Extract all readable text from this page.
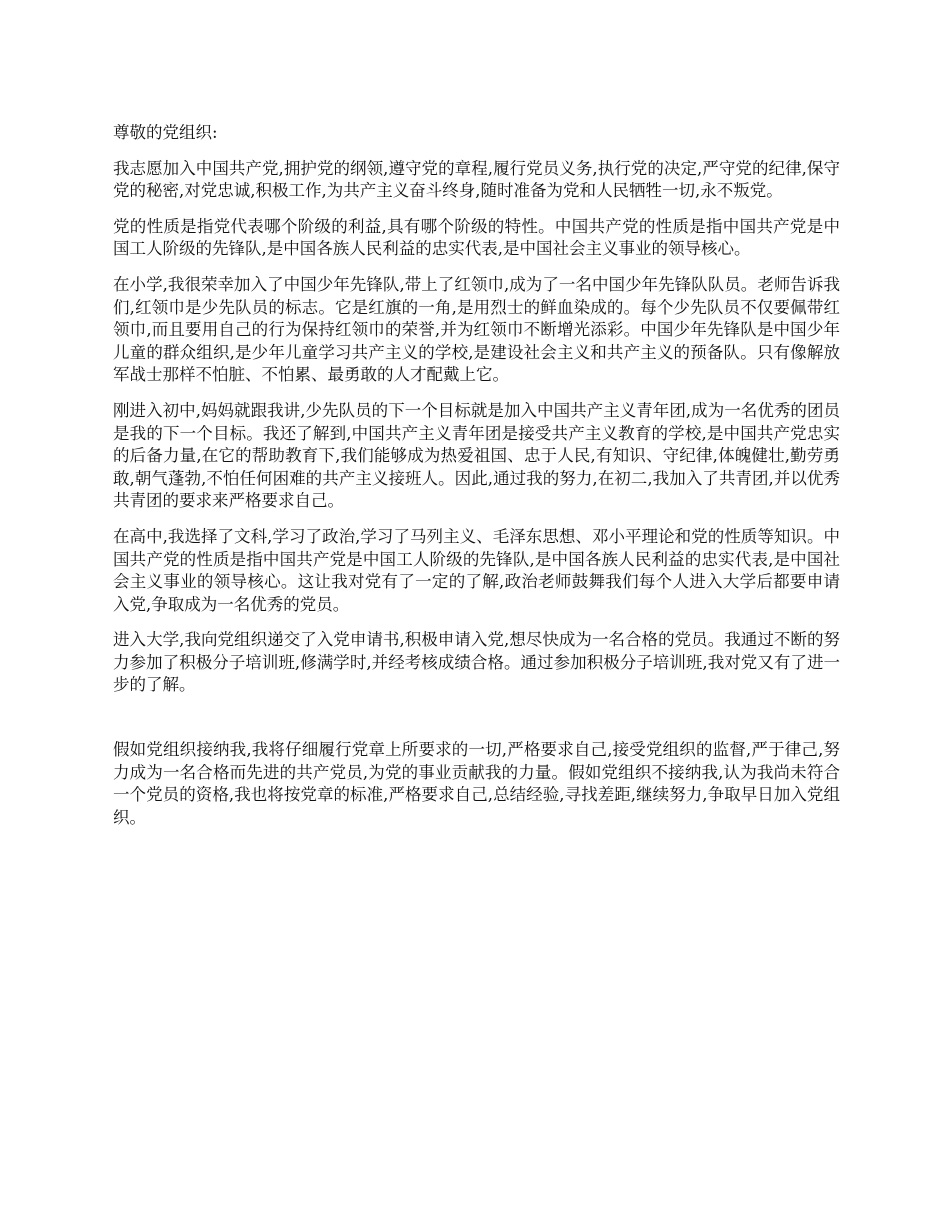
尊敬的党组织:

我志愿加入中国共产党,拥护党的纲领,遵守党的章程,履行党员义务,执行党的决定,严守党的纪律,保守党的秘密,对党忠诚,积极工作,为共产主义奋斗终身,随时准备为党和人民牺牲一切,永不叛党。

党的性质是指党代表哪个阶级的利益,具有哪个阶级的特性。中国共产党的性质是指中国共产党是中国工人阶级的先锋队,是中国各族人民利益的忠实代表,是中国社会主义事业的领导核心。

在小学,我很荣幸加入了中国少年先锋队,带上了红领巾,成为了一名中国少年先锋队队员。老师告诉我们,红领巾是少先队员的标志。它是红旗的一角,是用烈士的鲜血染成的。每个少先队员不仅要佩带红领巾,而且要用自己的行为保持红领巾的荣誉,并为红领巾不断增光添彩。中国少年先锋队是中国少年儿童的群众组织,是少年儿童学习共产主义的学校,是建设社会主义和共产主义的预备队。只有像解放军战士那样不怕脏、不怕累、最勇敢的人才配戴上它。

刚进入初中,妈妈就跟我讲,少先队员的下一个目标就是加入中国共产主义青年团,成为一名优秀的团员是我的下一个目标。我还了解到,中国共产主义青年团是接受共产主义教育的学校,是中国共产党忠实的后备力量,在它的帮助教育下,我们能够成为热爱祖国、忠于人民,有知识、守纪律,体魄健壮,勤劳勇敢,朝气蓬勃,不怕任何困难的共产主义接班人。因此,通过我的努力,在初二,我加入了共青团,并以优秀共青团的要求来严格要求自己。

在高中,我选择了文科,学习了政治,学习了马列主义、毛泽东思想、邓小平理论和党的性质等知识。中国共产党的性质是指中国共产党是中国工人阶级的先锋队,是中国各族人民利益的忠实代表,是中国社会主义事业的领导核心。这让我对党有了一定的了解,政治老师鼓舞我们每个人进入大学后都要申请入党,争取成为一名优秀的党员。

进入大学,我向党组织递交了入党申请书,积极申请入党,想尽快成为一名合格的党员。我通过不断的努力参加了积极分子培训班,修满学时,并经考核成绩合格。通过参加积极分子培训班,我对党又有了进一步的了解。

假如党组织接纳我,我将仔细履行党章上所要求的一切,严格要求自己,接受党组织的监督,严于律己,努力成为一名合格而先进的共产党员,为党的事业贡献我的力量。假如党组织不接纳我,认为我尚未符合一个党员的资格,我也将按党章的标准,严格要求自己,总结经验,寻找差距,继续努力,争取早日加入党组织。
